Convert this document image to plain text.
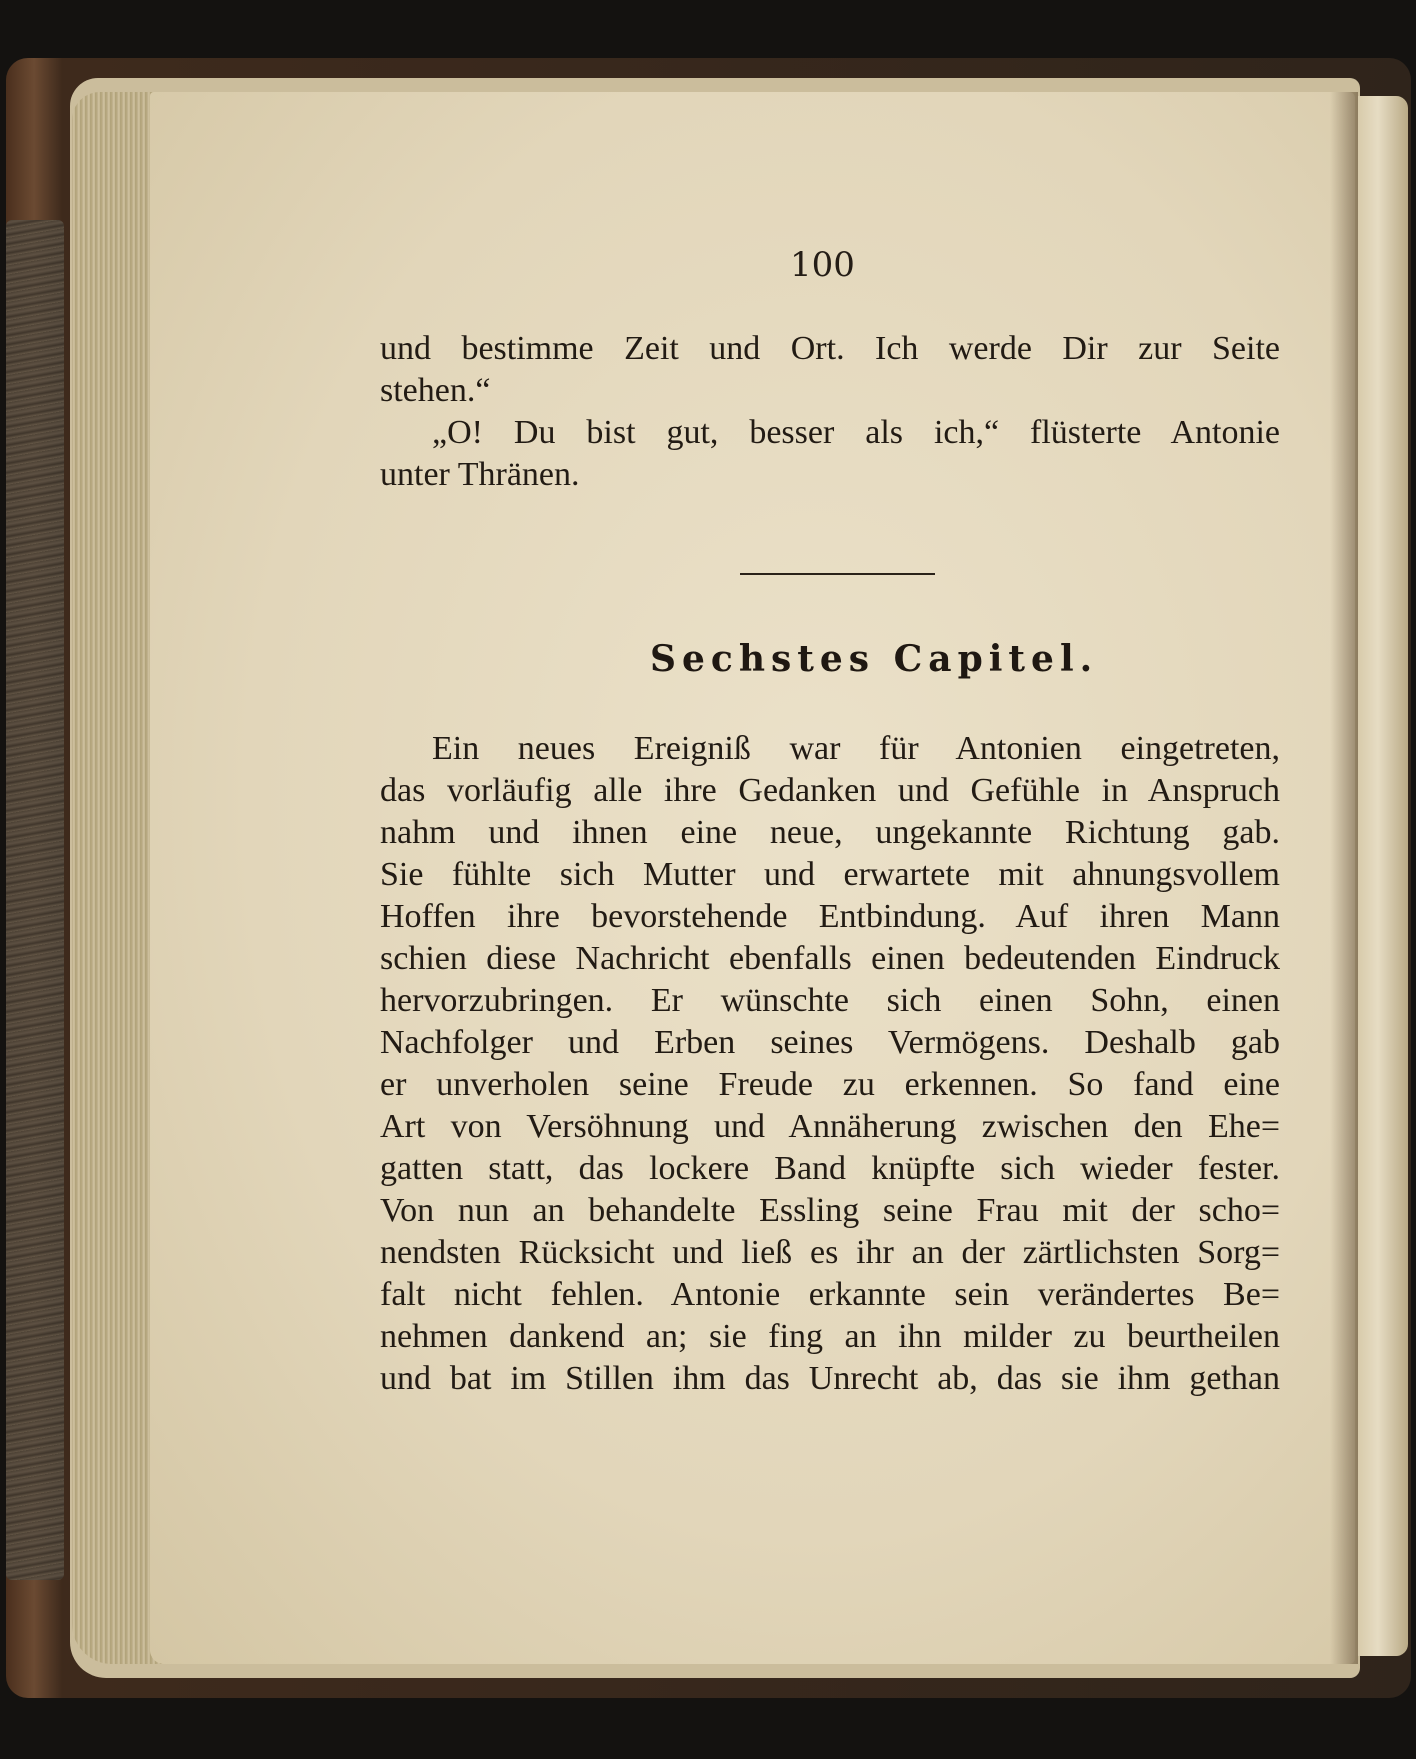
100
und bestimme Zeit und Ort. Ich werde Dir zur Seite
stehen.“
„O! Du bist gut, besser als ich,“ flüsterte Antonie
unter Thränen.
Sechstes Capitel.
Ein neues Ereigniß war für Antonien eingetreten,
das vorläufig alle ihre Gedanken und Gefühle in Anspruch
nahm und ihnen eine neue, ungekannte Richtung gab.
Sie fühlte sich Mutter und erwartete mit ahnungsvollem
Hoffen ihre bevorstehende Entbindung. Auf ihren Mann
schien diese Nachricht ebenfalls einen bedeutenden Eindruck
hervorzubringen. Er wünschte sich einen Sohn, einen
Nachfolger und Erben seines Vermögens. Deshalb gab
er unverholen seine Freude zu erkennen. So fand eine
Art von Versöhnung und Annäherung zwischen den Ehe=
gatten statt, das lockere Band knüpfte sich wieder fester.
Von nun an behandelte Essling seine Frau mit der scho=
nendsten Rücksicht und ließ es ihr an der zärtlichsten Sorg=
falt nicht fehlen. Antonie erkannte sein verändertes Be=
nehmen dankend an; sie fing an ihn milder zu beurtheilen
und bat im Stillen ihm das Unrecht ab, das sie ihm gethan
